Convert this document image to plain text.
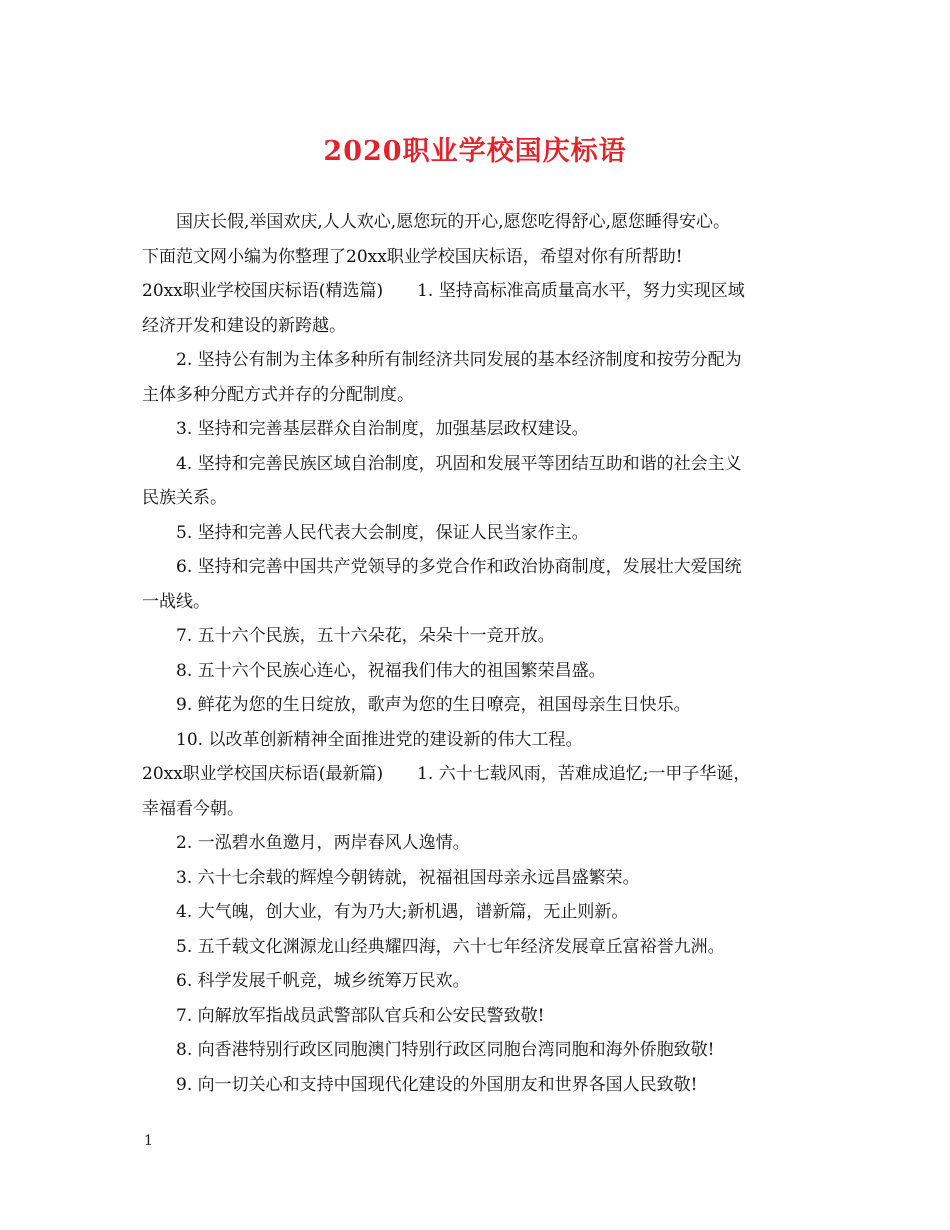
2020职业学校国庆标语

国庆长假,举国欢庆,人人欢心,愿您玩的开心,愿您吃得舒心,愿您睡得安心。

下面范文网小编为你整理了20xx职业学校国庆标语，希望对你有所帮助!

20xx职业学校国庆标语(精选篇)　　1. 坚持高标准高质量高水平，努力实现区域

经济开发和建设的新跨越。

2. 坚持公有制为主体多种所有制经济共同发展的基本经济制度和按劳分配为

主体多种分配方式并存的分配制度。

3. 坚持和完善基层群众自治制度，加强基层政权建设。

4. 坚持和完善民族区域自治制度，巩固和发展平等团结互助和谐的社会主义

民族关系。

5. 坚持和完善人民代表大会制度，保证人民当家作主。

6. 坚持和完善中国共产党领导的多党合作和政治协商制度，发展壮大爱国统

一战线。

7. 五十六个民族，五十六朵花，朵朵十一竞开放。

8. 五十六个民族心连心，祝福我们伟大的祖国繁荣昌盛。

9. 鲜花为您的生日绽放，歌声为您的生日嘹亮，祖国母亲生日快乐。

10. 以改革创新精神全面推进党的建设新的伟大工程。

20xx职业学校国庆标语(最新篇)　　1. 六十七载风雨，苦难成追忆;一甲子华诞，

幸福看今朝。

2. 一泓碧水鱼邀月，两岸春风人逸情。

3. 六十七余载的辉煌今朝铸就，祝福祖国母亲永远昌盛繁荣。

4. 大气魄，创大业，有为乃大;新机遇，谱新篇，无止则新。

5. 五千载文化渊源龙山经典耀四海，六十七年经济发展章丘富裕誉九洲。

6. 科学发展千帆竞，城乡统筹万民欢。

7. 向解放军指战员武警部队官兵和公安民警致敬!

8. 向香港特别行政区同胞澳门特别行政区同胞台湾同胞和海外侨胞致敬!

9. 向一切关心和支持中国现代化建设的外国朋友和世界各国人民致敬!

1
